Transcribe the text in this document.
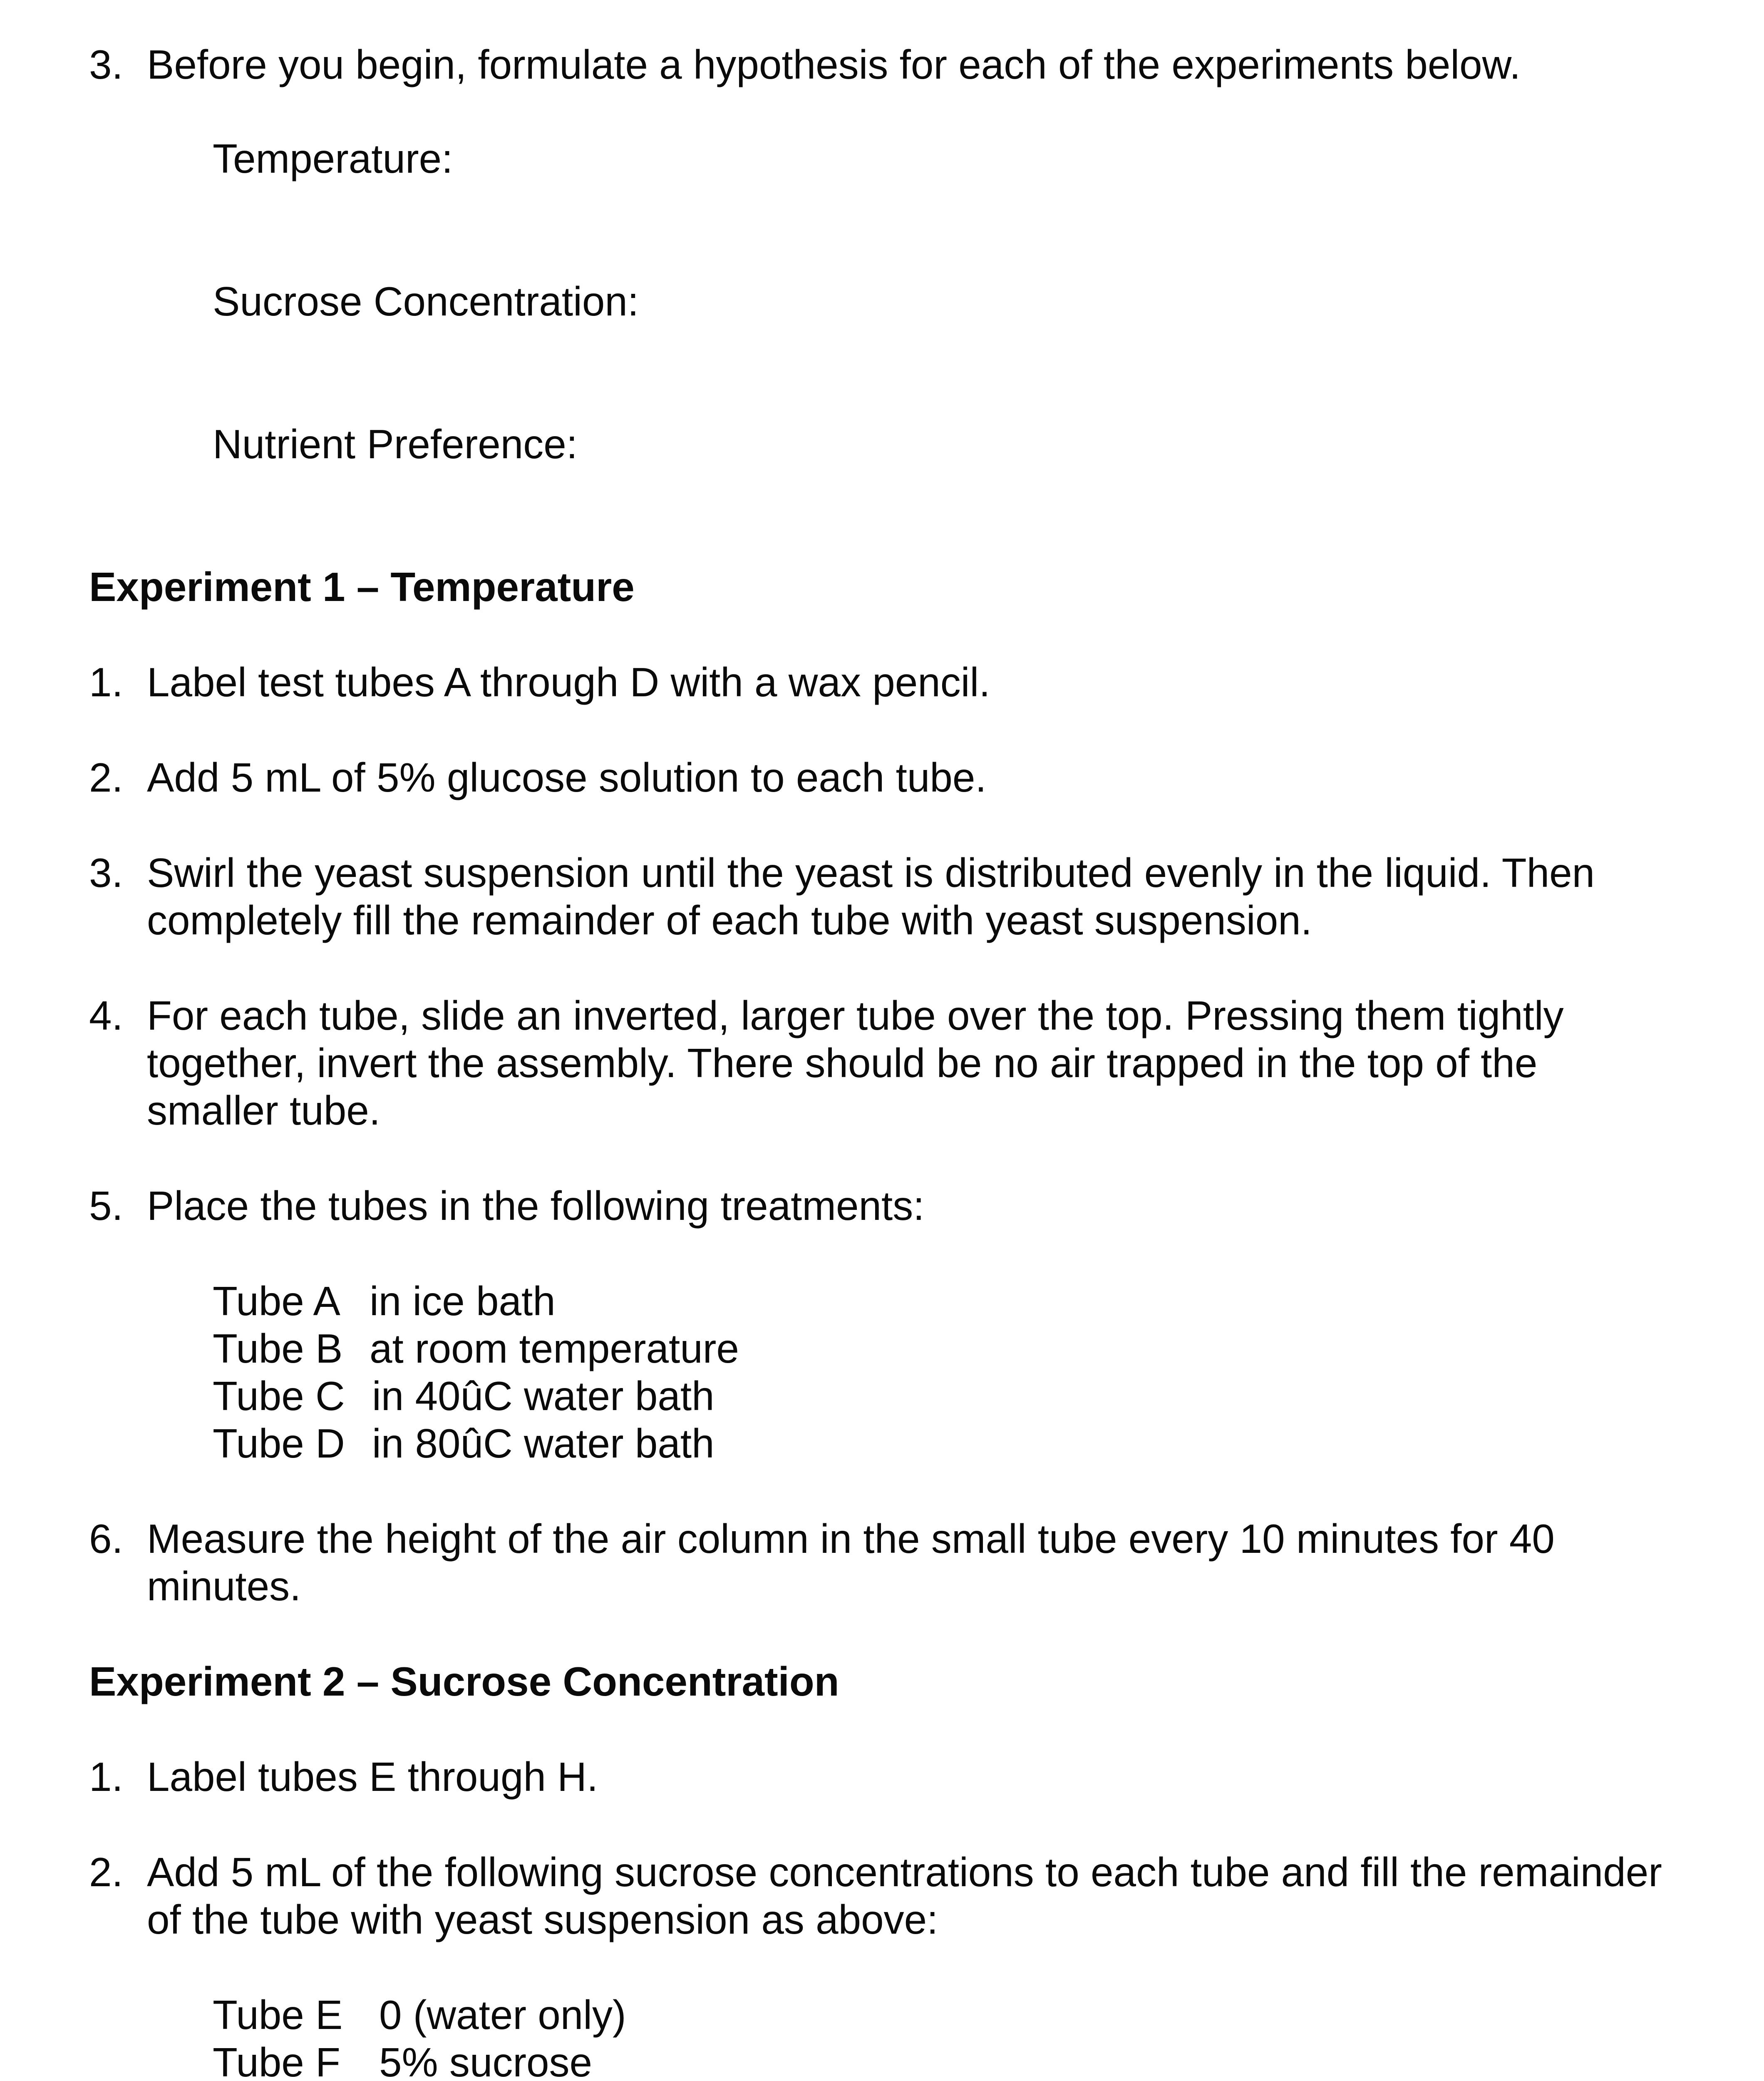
3. Before you begin, formulate a hypothesis for each of the experiments below.
Temperature:
Sucrose Concentration:
Nutrient Preference:
Experiment 1 – Temperature
1. Label test tubes A through D with a wax pencil.
2. Add 5 mL of 5% glucose solution to each tube.
3. Swirl the yeast suspension until the yeast is distributed evenly in the liquid. Then
completely fill the remainder of each tube with yeast suspension.
4. For each tube, slide an inverted, larger tube over the top. Pressing them tightly
together, invert the assembly. There should be no air trapped in the top of the
smaller tube.
5. Place the tubes in the following treatments:
Tube A in ice bath
Tube B at room temperature
Tube C in 40ûC water bath
Tube D in 80ûC water bath
6. Measure the height of the air column in the small tube every 10 minutes for 40
minutes.
Experiment 2 – Sucrose Concentration
1. Label tubes E through H.
2. Add 5 mL of the following sucrose concentrations to each tube and fill the remainder
of the tube with yeast suspension as above:
Tube E 0 (water only)
Tube F 5% sucrose
